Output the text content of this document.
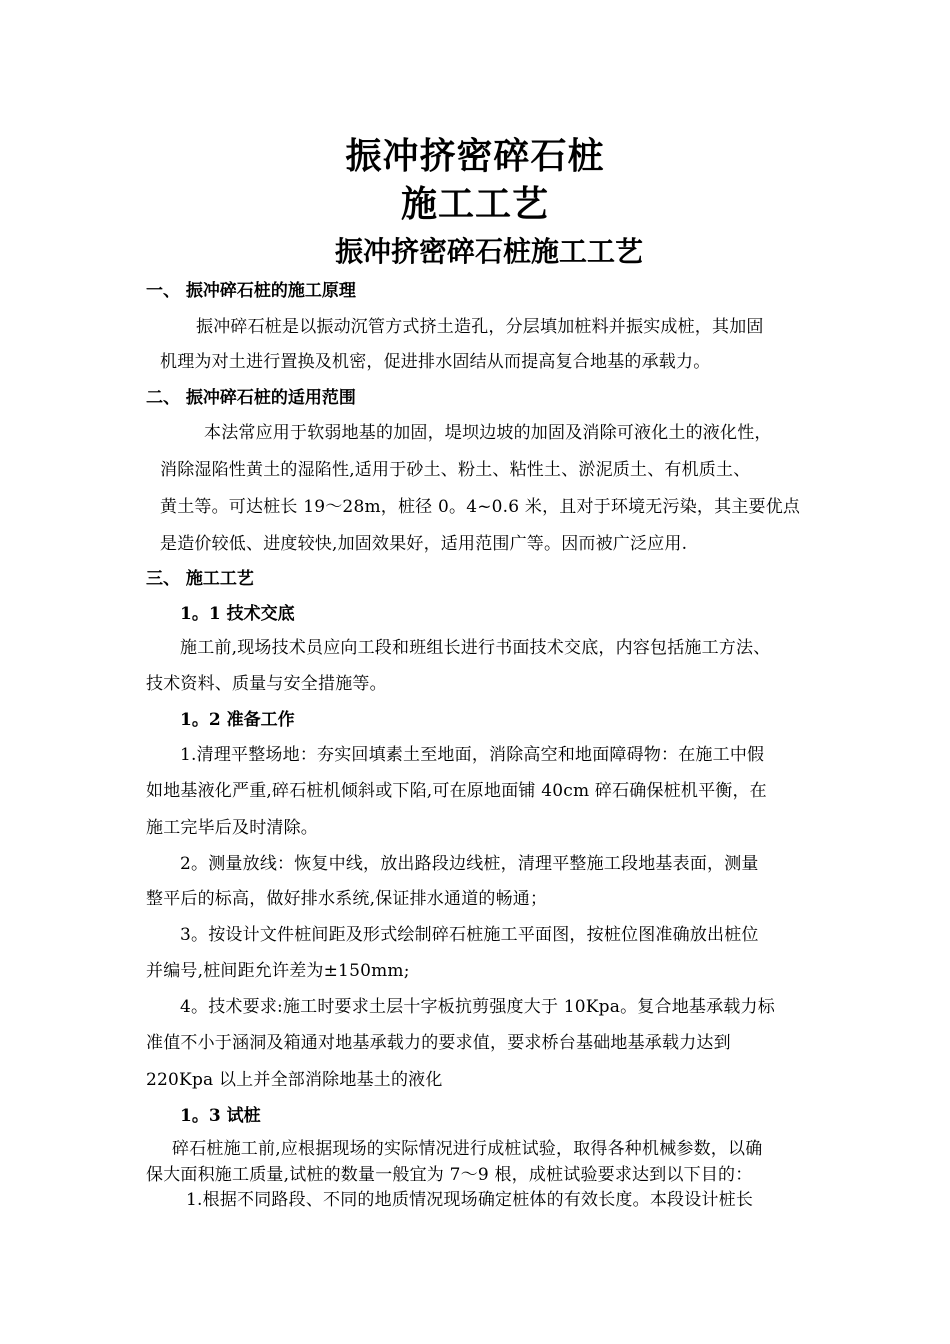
振冲挤密碎石桩
施工工艺
振冲挤密碎石桩施工工艺
一、 振冲碎石桩的施工原理
振冲碎石桩是以振动沉管方式挤土造孔，分层填加桩料并振实成桩，其加固
机理为对土进行置换及机密，促进排水固结从而提高复合地基的承载力。
二、 振冲碎石桩的适用范围
本法常应用于软弱地基的加固，堤坝边坡的加固及消除可液化土的液化性，
消除湿陷性黄土的湿陷性,适用于砂土、粉土、粘性土、淤泥质土、有机质土、
黄土等。可达桩长 19～28m，桩径 0。4~0.6 米，且对于环境无污染，其主要优点
是造价较低、进度较快,加固效果好，适用范围广等。因而被广泛应用.
三、 施工工艺
1。1 技术交底
施工前,现场技术员应向工段和班组长进行书面技术交底，内容包括施工方法、
技术资料、质量与安全措施等。
1。2 准备工作
1.清理平整场地：夯实回填素土至地面，消除高空和地面障碍物：在施工中假
如地基液化严重,碎石桩机倾斜或下陷,可在原地面铺 40cm 碎石确保桩机平衡，在
施工完毕后及时清除。
2。测量放线：恢复中线，放出路段边线桩，清理平整施工段地基表面，测量
整平后的标高，做好排水系统,保证排水通道的畅通；
3。按设计文件桩间距及形式绘制碎石桩施工平面图，按桩位图准确放出桩位
并编号,桩间距允许差为±150mm;
4。技术要求:施工时要求土层十字板抗剪强度大于 10Kpa。复合地基承载力标
准值不小于涵洞及箱通对地基承载力的要求值，要求桥台基础地基承载力达到
220Kpa 以上并全部消除地基土的液化
1。3 试桩
碎石桩施工前,应根据现场的实际情况进行成桩试验，取得各种机械参数，以确
保大面积施工质量,试桩的数量一般宜为 7～9 根，成桩试验要求达到以下目的：
1.根据不同路段、不同的地质情况现场确定桩体的有效长度。本段设计桩长
